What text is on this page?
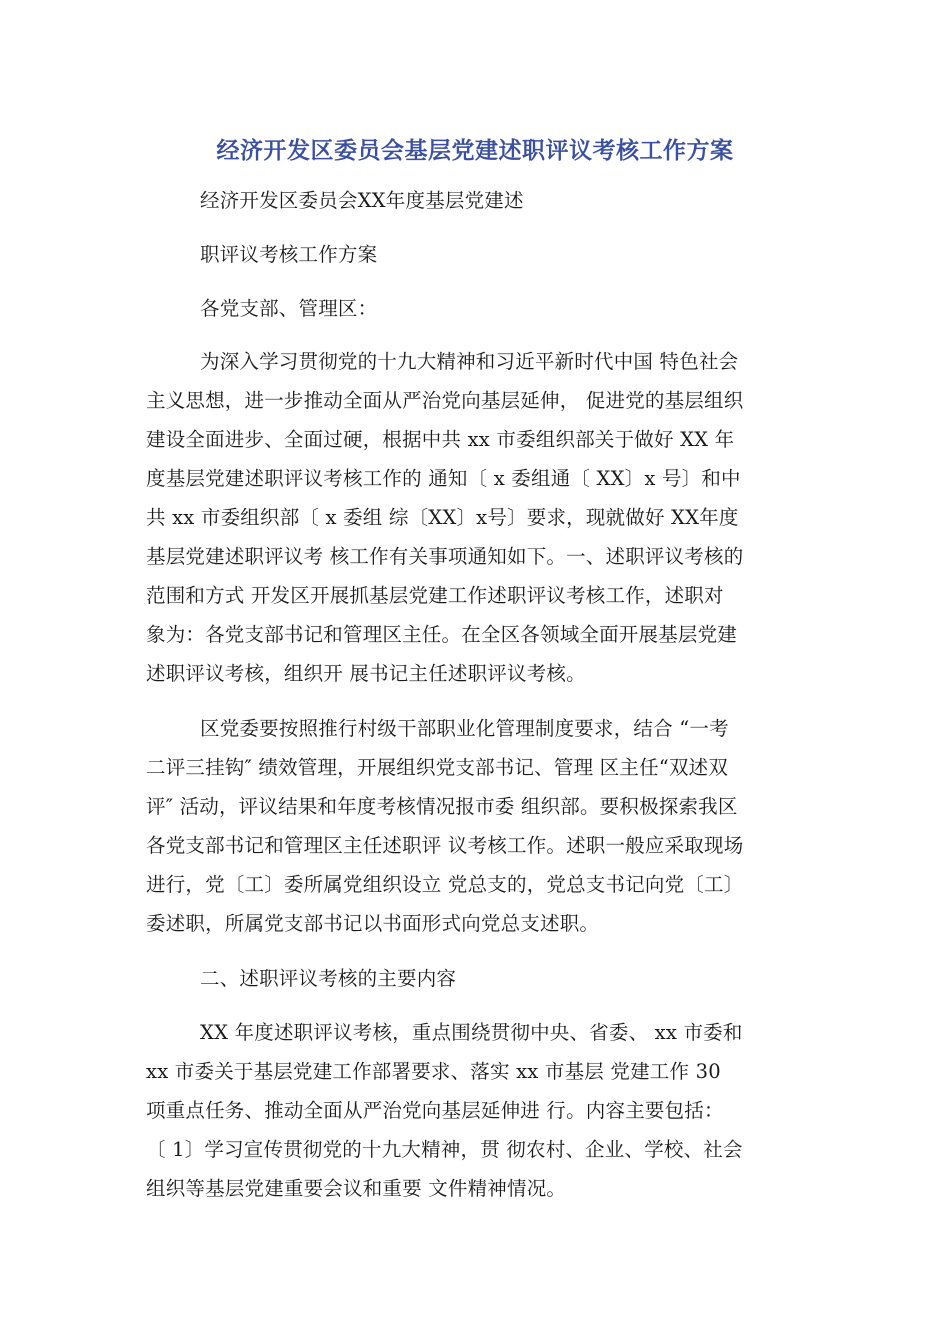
经济开发区委员会基层党建述职评议考核工作方案
经济开发区委员会XX年度基层党建述
职评议考核工作方案
各党支部、管理区：
为深入学习贯彻党的十九大精神和习近平新时代中国 特色社会
主义思想，进一步推动全面从严治党向基层延伸， 促进党的基层组织
建设全面进步、全面过硬，根据中共 xx 市委组织部关于做好 XX 年
度基层党建述职评议考核工作的 通知〔 x 委组通〔 XX〕x 号〕和中
共 xx 市委组织部〔 x 委组 综〔XX〕x号〕要求，现就做好 XX年度
基层党建述职评议考 核工作有关事项通知如下。一、述职评议考核的
范围和方式 开发区开展抓基层党建工作述职评议考核工作，述职对
象为：各党支部书记和管理区主任。在全区各领域全面开展基层党建
述职评议考核，组织开 展书记主任述职评议考核。
区党委要按照推行村级干部职业化管理制度要求，结合 “一考
二评三挂钩″ 绩效管理，开展组织党支部书记、管理 区主任“双述双
评″ 活动，评议结果和年度考核情况报市委 组织部。要积极探索我区
各党支部书记和管理区主任述职评 议考核工作。述职一般应采取现场
进行，党〔工〕委所属党组织设立 党总支的，党总支书记向党〔工〕
委述职，所属党支部书记以书面形式向党总支述职。
二、述职评议考核的主要内容
XX 年度述职评议考核，重点围绕贯彻中央、省委、 xx 市委和
xx 市委关于基层党建工作部署要求、落实 xx 市基层 党建工作 30
项重点任务、推动全面从严治党向基层延伸进 行。内容主要包括：
〔 1〕学习宣传贯彻党的十九大精神，贯 彻农村、企业、学校、社会
组织等基层党建重要会议和重要 文件精神情况。
